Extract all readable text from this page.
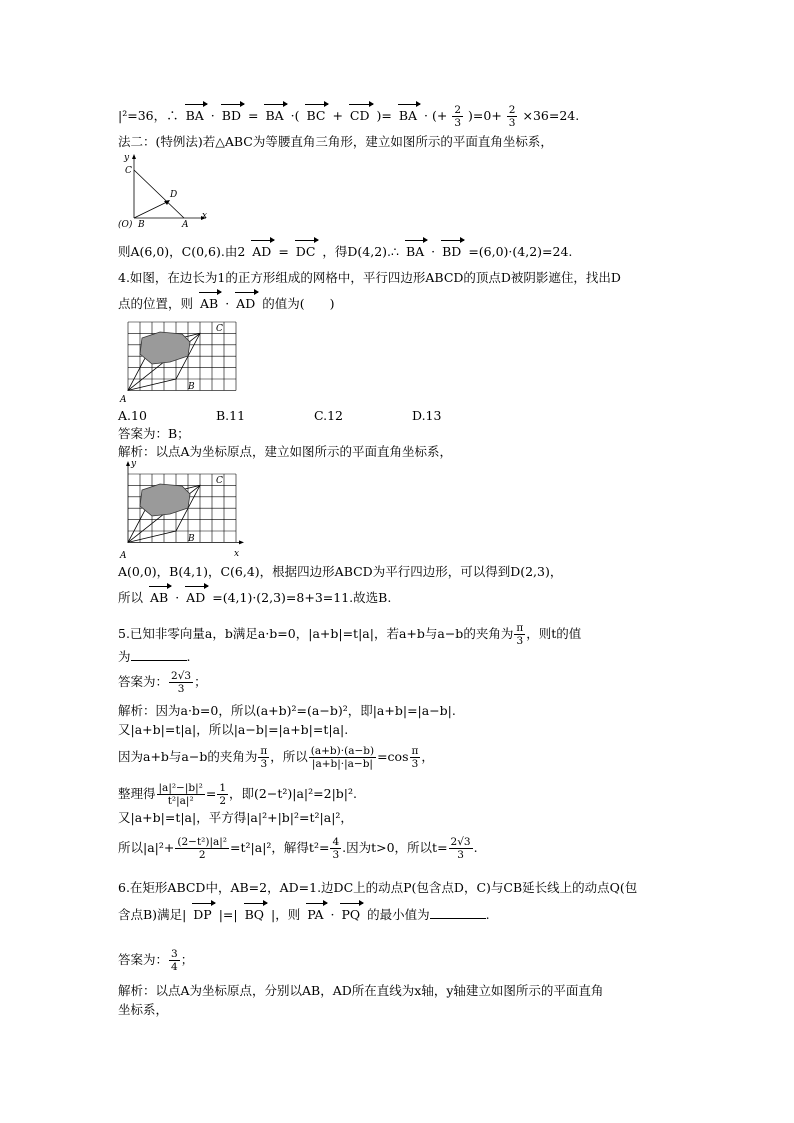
|²=36，∴ BA · BD = BA ·( BC + CD )= BA · (+ $\frac{2}{3} )=0+ \frac{2}{3} \times 36=24$.
法二：(特例法)若△ABC为等腰直角三角形，建立如图所示的平面直角坐标系，
y
C
D
(O) B	A
x
则A(6,0)，C(0,6).由2 AD = DC ，得D(4,2).∴ BA · BD =(6,0)·(4,2)=24.
4.如图，在边长为1的正方形组成的网格中，平行四边形ABCD的顶点D被阴影遮住，找出D
点的位置，则 AB · AD 的值为(　　)
C
B
A
A.10	B.11	C.12	D.13
答案为：B；
解析：以点A为坐标原点，建立如图所示的平面直角坐标系，
y
C
B
A	x
A(0,0)，B(4,1)，C(6,4)，根据四边形ABCD为平行四边形，可以得到D(2,3)，
所以 AB · AD =(4,1)·(2,3)=8+3=11.故选B.
5.已知非零向量a，b满足a·b=0，|a+b|=t|a|，若a+b与a−b的夹角为 $\frac{\pi}{3}$ ，则t的值
为	.
答案为： $\frac{2√3}{3}$ ；
解析：因为a·b=0，所以(a+b)²=(a−b)²，即|a+b|=|a−b|.
又|a+b|=t|a|，所以|a−b|=|a+b|=t|a|.
因为a+b与a−b的夹角为 $\frac{\pi}{3}$ ，所以 $\frac{(a+b)\cdot(a-b)}{|a+b|\cdot|a-b|} =\cos \frac{\pi}{3}$ ，
整理得 $\frac{\text{|a|²−|b|²}}{\text{t²|a|²}} = \frac{1}{2}$ ，即(2−t²)|a|²=2|b|².
又|a+b|=t|a|，平方得|a|²+|b|²=t²|a|²，
所以$|a|^2+ \frac{\text{(2−t²)|a|²}}{2} =t^2|a|^2$，解得$t^2= \frac{4}{3}$ .因为t>0，所以$t= \frac{2√3}{3}$ .
6.在矩形ABCD中，AB=2，AD=1.边DC上的动点P(包含点D，C)与CB延长线上的动点Q(包
含点B)满足| DP |=| BQ |，则 PA · PQ 的最小值为	.
答案为： $\frac{3}{4}$ ；
解析：以点A为坐标原点，分别以AB，AD所在直线为x轴，y轴建立如图所示的平面直角
坐标系，
